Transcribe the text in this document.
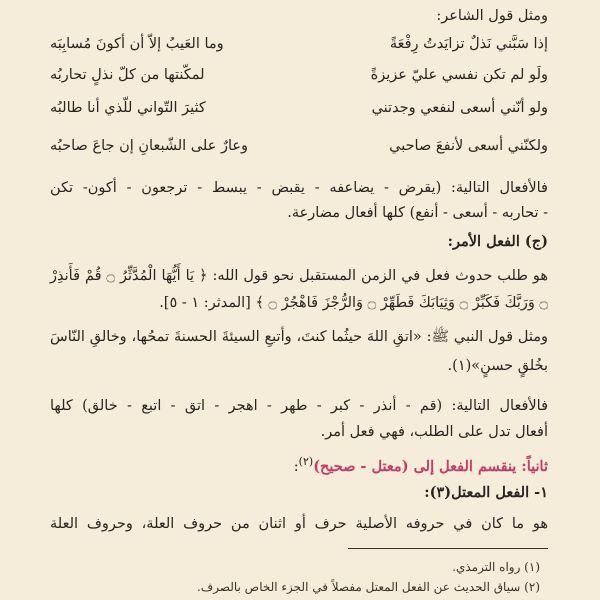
ومثل قول الشاعر:
إذا سَبَّني نَذلٌ تزايَدتُ رِفْعَةً
وما العَيبُ إلاّ أن أكونَ مُسابِبَه
ولَو لم تكن نفسي عليّ عزيزةً
لمكّنتها من كلّ نذلٍ تحاربُه
ولو أنّني أسعى لنفعي وجدتني
كثيرَ التّواني للّذي أنا طالبُه
ولكنّني أسعى لأنفعَ صاحبي
وعارٌ على الشّبعانِ إن جاعَ صاحبُه
فالأفعال التالية: (يقرض - يضاعفه - يقبض - يبسط - ترجعون - أكون- تكن
- تحاربه - أسعى - أنفع) كلها أفعال مضارعة.
(ج) الفعل الأمر:
هو طلب حدوث فعل في الزمن المستقبل نحو قول الله: ﴿ يَا أَيُّهَا الْمُدَّثِّرُ ۝ قُمْ فَأَنذِرْ
۝ وَرَبَّكَ فَكَبِّرْ ۝ وَثِيَابَكَ فَطَهِّرْ ۝ وَالرُّجْزَ فَاهْجُرْ ۝ ﴾ [المدثر: ١ - ٥].
ومثل قول النبي ﷺ: «اتقِ اللهَ حيثُما كنتَ، وأتبعِ السيئةَ الحسنةَ تمحُها، وخالقِ النّاسَ
بخُلقٍ حسنٍ»(١).
فالأفعال التالية: (قم - أنذر - كبر - طهر - اهجر - اتق - اتبع - خالق) كلها
أفعال تدل على الطلب، فهي فعل أمر.
ثانياً: ينقسم الفعل إلى (معتل - صحيح)$^{(٢)}$:
١- الفعل المعتل(٣):
هو ما كان في حروفه الأصلية حرف أو اثنان من حروف العلة، وحروف العلة
(١) رواه الترمذي.
(٢) سياق الحديث عن الفعل المعتل مفصلاً في الجزء الخاص بالصرف.
